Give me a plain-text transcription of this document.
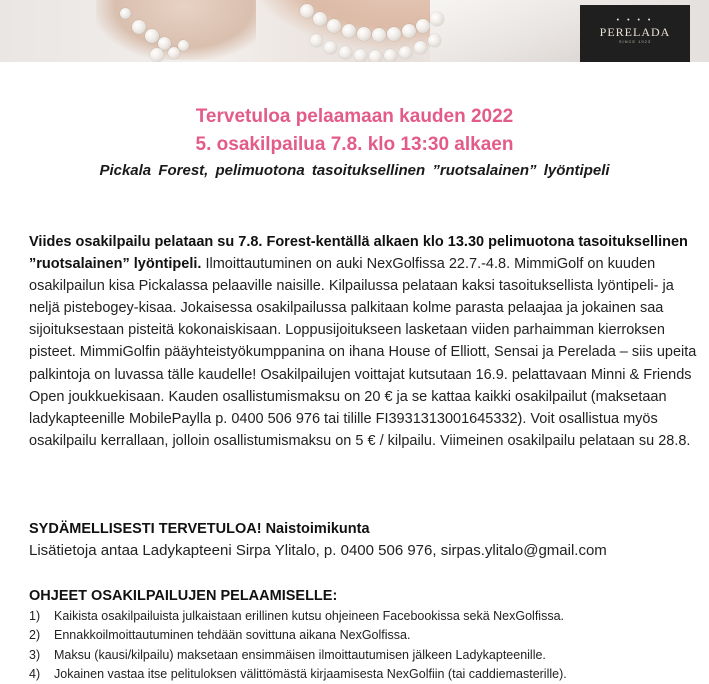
• • • •
PERELADA
SINCE 1923
Tervetuloa pelaamaan kauden 2022
5. osakilpailua 7.8. klo 13:30 alkaen
Pickala Forest, pelimuotona tasoituksellinen ”ruotsalainen” lyöntipeli
Viides osakilpailu pelataan su 7.8. Forest-kentällä alkaen klo 13.30 pelimuotona tasoituksellinen ”ruotsalainen” lyöntipeli. Ilmoittautuminen on auki NexGolfissa 22.7.-4.8. MimmiGolf on kuuden osakilpailun kisa Pickalassa pelaaville naisille. Kilpailussa pelataan kaksi tasoituksellista lyöntipeli- ja neljä pistebogey-kisaa. Jokaisessa osakilpailussa palkitaan kolme parasta pelaajaa ja jokainen saa sijoituksestaan pisteitä kokonaiskisaan. Loppusijoitukseen lasketaan viiden parhaimman kierroksen pisteet. MimmiGolfin pääyhteistyökumppanina on ihana House of Elliott, Sensai ja Perelada – siis upeita palkintoja on luvassa tälle kaudelle! Osakilpailujen voittajat kutsutaan 16.9. pelattavaan Minni & Friends Open joukkuekisaan. Kauden osallistumismaksu on 20 € ja se kattaa kaikki osakilpailut (maksetaan ladykapteenille MobilePaylla p. 0400 506 976 tai tilille FI3931313001645332). Voit osallistua myös osakilpailu kerrallaan, jolloin osallistumismaksu on 5 € / kilpailu. Viimeinen osakilpailu pelataan su 28.8.
SYDÄMELLISESTI TERVETULOA! Naistoimikunta
Lisätietoja antaa Ladykapteeni Sirpa Ylitalo, p. 0400 506 976, sirpas.ylitalo@gmail.com
OHJEET OSAKILPAILUJEN PELAAMISELLE:
1) Kaikista osakilpailuista julkaistaan erillinen kutsu ohjeineen Facebookissa sekä NexGolfissa.
2) Ennakkoilmoittautuminen tehdään sovittuna aikana NexGolfissa.
3) Maksu (kausi/kilpailu) maksetaan ensimmäisen ilmoittautumisen jälkeen Ladykapteenille.
4) Jokainen vastaa itse pelituloksen välittömästä kirjaamisesta NexGolfiin (tai caddiemasterille).
